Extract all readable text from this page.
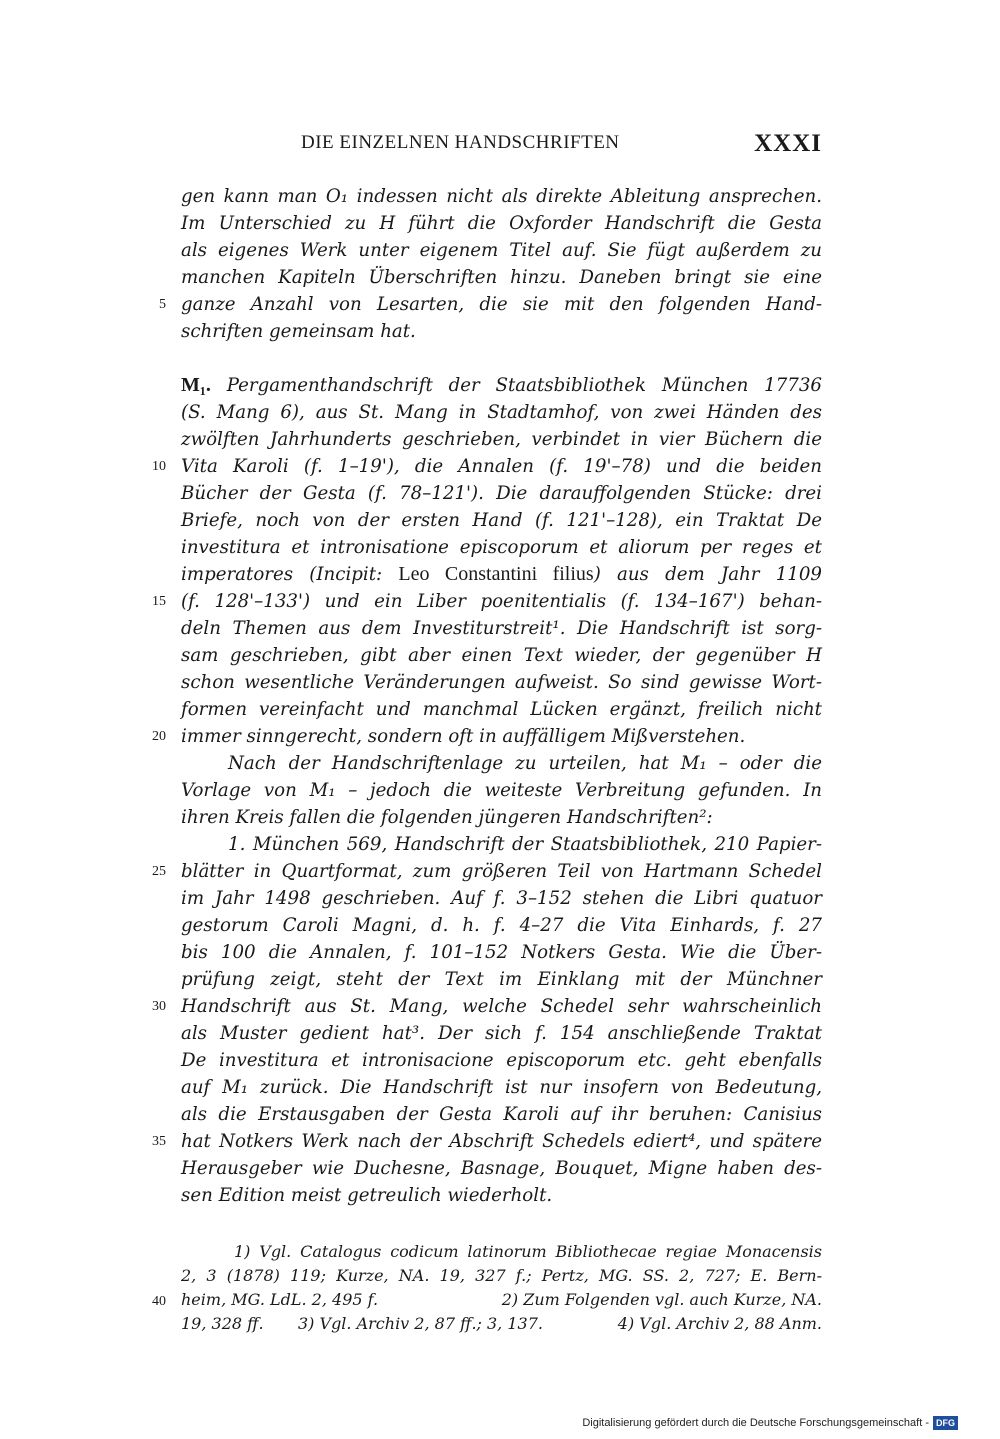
DIE EINZELNEN HANDSCHRIFTEN	XXXI
gen kann man O₁ indessen nicht als direkte Ableitung ansprechen.
Im Unterschied zu H führt die Oxforder Handschrift die Gesta
als eigenes Werk unter eigenem Titel auf. Sie fügt außerdem zu
manchen Kapiteln Überschriften hinzu. Daneben bringt sie eine
ganze Anzahl von Lesarten, die sie mit den folgenden Hand-
schriften gemeinsam hat.
M₁. Pergamenthandschrift der Staatsbibliothek München 17736
(S. Mang 6), aus St. Mang in Stadtamhof, von zwei Händen des
zwölften Jahrhunderts geschrieben, verbindet in vier Büchern die
Vita Karoli (f. 1–19'), die Annalen (f. 19'–78) und die beiden
Bücher der Gesta (f. 78–121'). Die darauffolgenden Stücke: drei
Briefe, noch von der ersten Hand (f. 121'–128), ein Traktat De
investitura et intronisatione episcoporum et aliorum per reges et
imperatores (Incipit: Leo Constantini filius) aus dem Jahr 1109
(f. 128'–133') und ein Liber poenitentialis (f. 134–167') behan-
deln Themen aus dem Investiturstreit¹. Die Handschrift ist sorg-
sam geschrieben, gibt aber einen Text wieder, der gegenüber H
schon wesentliche Veränderungen aufweist. So sind gewisse Wort-
formen vereinfacht und manchmal Lücken ergänzt, freilich nicht
immer sinngerecht, sondern oft in auffälligem Mißverstehen.
Nach der Handschriftenlage zu urteilen, hat M₁ – oder die
Vorlage von M₁ – jedoch die weiteste Verbreitung gefunden. In
ihren Kreis fallen die folgenden jüngeren Handschriften²:
1. München 569, Handschrift der Staatsbibliothek, 210 Papier-
blätter in Quartformat, zum größeren Teil von Hartmann Schedel
im Jahr 1498 geschrieben. Auf f. 3–152 stehen die Libri quatuor
gestorum Caroli Magni, d. h. f. 4–27 die Vita Einhards, f. 27
bis 100 die Annalen, f. 101–152 Notkers Gesta. Wie die Über-
prüfung zeigt, steht der Text im Einklang mit der Münchner
Handschrift aus St. Mang, welche Schedel sehr wahrscheinlich
als Muster gedient hat³. Der sich f. 154 anschließende Traktat
De investitura et intronisacione episcoporum etc. geht ebenfalls
auf M₁ zurück. Die Handschrift ist nur insofern von Bedeutung,
als die Erstausgaben der Gesta Karoli auf ihr beruhen: Canisius
hat Notkers Werk nach der Abschrift Schedels ediert⁴, und spätere
Herausgeber wie Duchesne, Basnage, Bouquet, Migne haben des-
sen Edition meist getreulich wiederholt.
5
10
15
20
25
30
35
40
1) Vgl. Catalogus codicum latinorum Bibliothecae regiae Monacensis
2, 3 (1878) 119; Kurze, NA. 19, 327 f.; Pertz, MG. SS. 2, 727; E. Bern-
heim, MG. LdL. 2, 495 f.	2) Zum Folgenden vgl. auch Kurze, NA.
19, 328 ff. 3) Vgl. Archiv 2, 87 ff.; 3, 137.	4) Vgl. Archiv 2, 88 Anm.
Digitalisierung gefördert durch die Deutsche Forschungsgemeinschaft - DFG
